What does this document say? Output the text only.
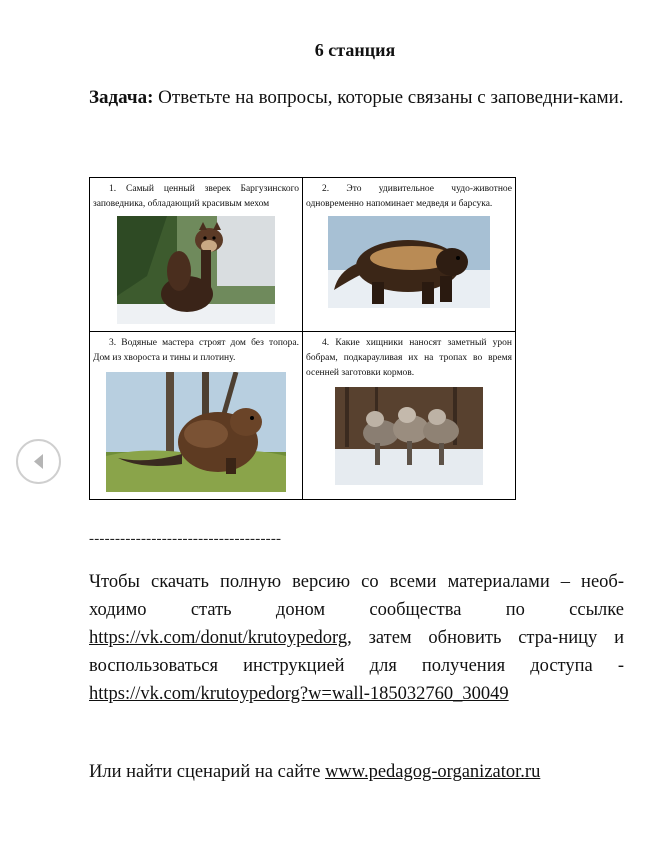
6 станция
Задача: Ответьте на вопросы, которые связаны с заповедни-ками.

1. Самый ценный зверек Баргузинского заповедника, обладающий красивым мехом	2. Это удивительное чудо-животное одновременно напоминает медведя и барсука.

3. Водяные мастера строят дом без топора. Дом из хвороста и тины и плотину.	4. Какие хищники наносят заметный урон бобрам, подкарауливая их на тропах во время осенней заготовки кормов.

-------------------------------------
Чтобы скачать полную версию со всеми материалами – необ-ходимо стать доном сообщества по ссылке https://vk.com/donut/krutoypedorg, затем обновить стра-ницу и воспользоваться инструкцией для получения доступа - https://vk.com/krutoypedorg?w=wall-185032760_30049
Или найти сценарий на сайте www.pedagog-organizator.ru
